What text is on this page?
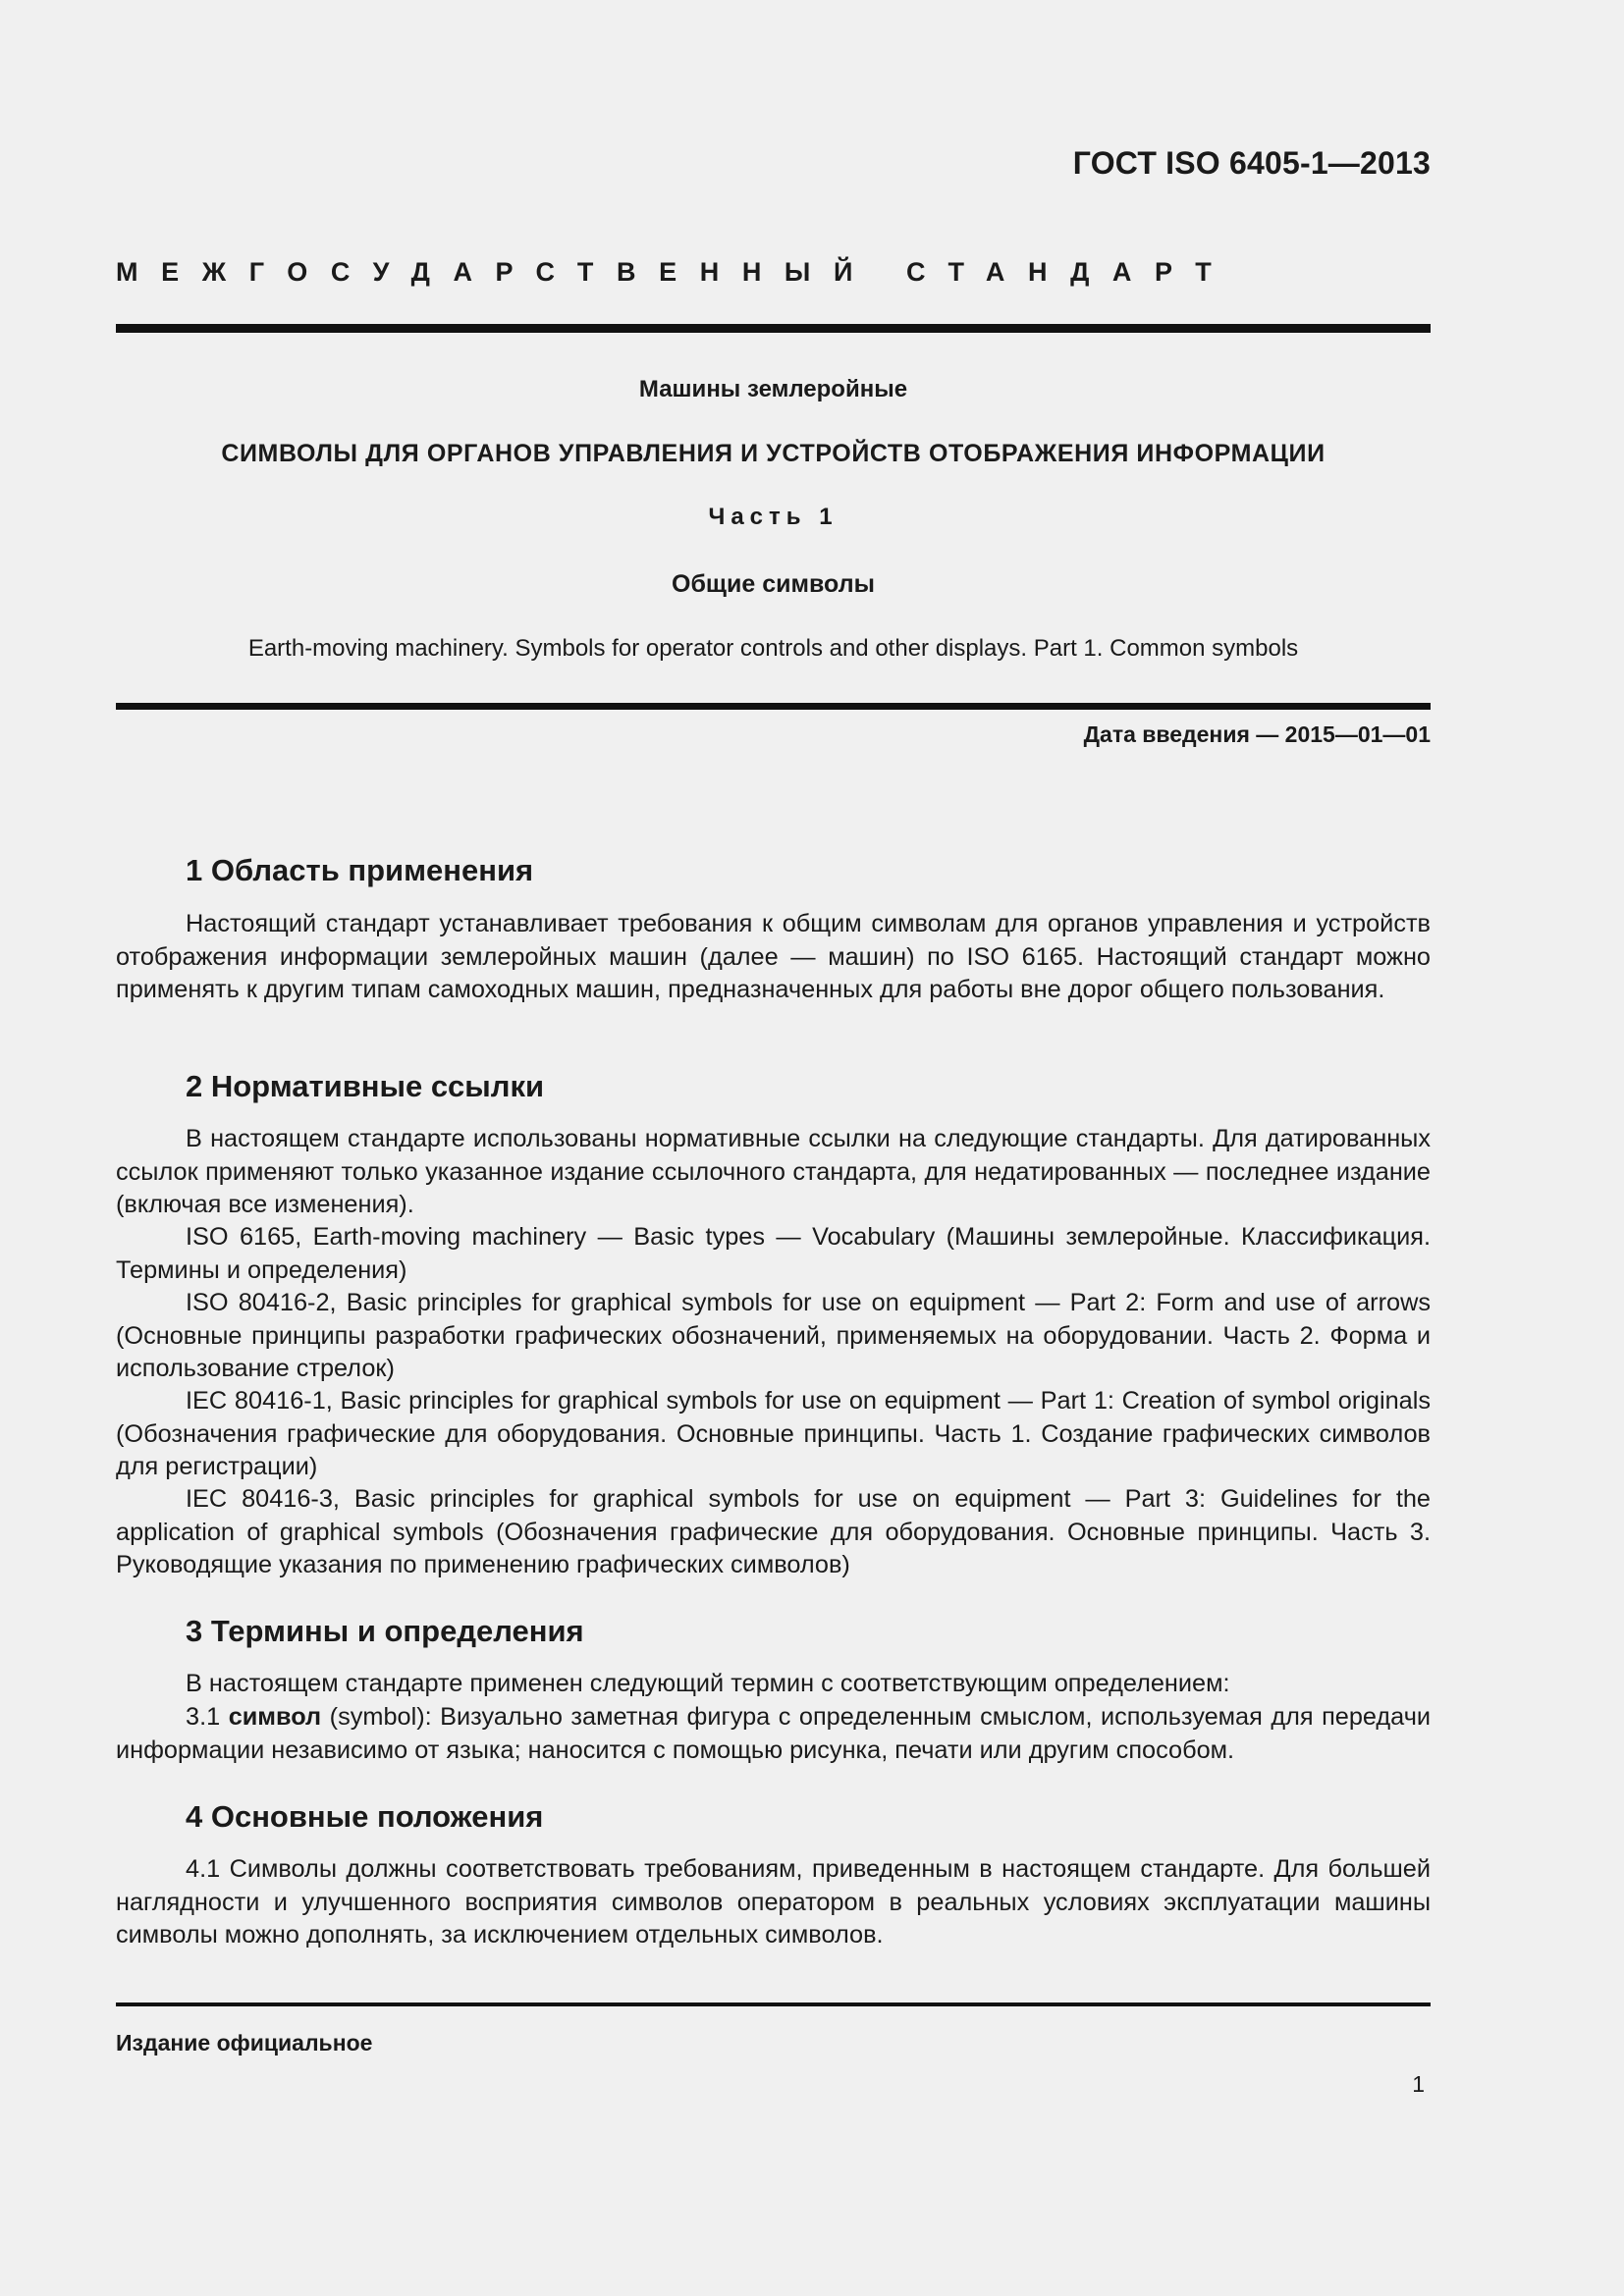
ГОСТ ISO 6405-1—2013
МЕЖГОСУДАРСТВЕННЫЙ СТАНДАРТ
Машины землеройные
СИМВОЛЫ ДЛЯ ОРГАНОВ УПРАВЛЕНИЯ И УСТРОЙСТВ ОТОБРАЖЕНИЯ ИНФОРМАЦИИ
Часть 1
Общие символы
Earth-moving machinery. Symbols for operator controls and other displays. Part 1. Common symbols
Дата введения — 2015—01—01
1 Область применения
Настоящий стандарт устанавливает требования к общим символам для органов управления и устройств отображения информации землеройных машин (далее — машин) по ISO 6165. Настоящий стандарт можно применять к другим типам самоходных машин, предназначенных для работы вне дорог общего пользования.
2 Нормативные ссылки
В настоящем стандарте использованы нормативные ссылки на следующие стандарты. Для датированных ссылок применяют только указанное издание ссылочного стандарта, для недатированных — последнее издание (включая все изменения).
ISO 6165, Earth-moving machinery — Basic types — Vocabulary (Машины землеройные. Классификация. Термины и определения)
ISO 80416-2, Basic principles for graphical symbols for use on equipment — Part 2: Form and use of arrows (Основные принципы разработки графических обозначений, применяемых на оборудовании. Часть 2. Форма и использование стрелок)
IEC 80416-1, Basic principles for graphical symbols for use on equipment — Part 1: Creation of symbol originals (Обозначения графические для оборудования. Основные принципы. Часть 1. Создание графических символов для регистрации)
IEC 80416-3, Basic principles for graphical symbols for use on equipment — Part 3: Guidelines for the application of graphical symbols (Обозначения графические для оборудования. Основные принципы. Часть 3. Руководящие указания по применению графических символов)
3 Термины и определения
В настоящем стандарте применен следующий термин с соответствующим определением:
3.1 символ (symbol): Визуально заметная фигура с определенным смыслом, используемая для передачи информации независимо от языка; наносится с помощью рисунка, печати или другим способом.
4 Основные положения
4.1 Символы должны соответствовать требованиям, приведенным в настоящем стандарте. Для большей наглядности и улучшенного восприятия символов оператором в реальных условиях эксплуатации машины символы можно дополнять, за исключением отдельных символов.
Издание официальное
1
